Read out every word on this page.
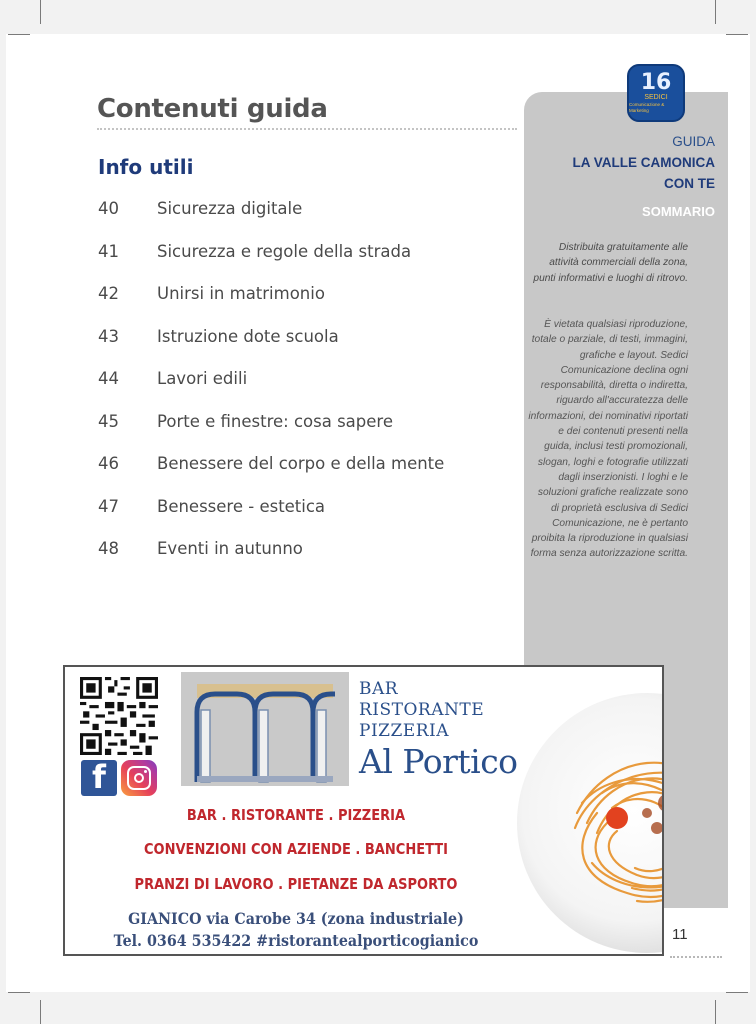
16
SEDICI
Comunicazione & Marketing
GUIDA
LA VALLE CAMONICA
CON TE
SOMMARIO
Distribuita gratuitamente alle attività commerciali della zona, punti informativi e luoghi di ritrovo.
È vietata qualsiasi riproduzione, totale o parziale, di testi, immagini, grafiche e layout. Sedici Comunicazione declina ogni responsabilità, diretta o indiretta, riguardo all'accuratezza delle informazioni, dei nominativi riportati e dei contenuti presenti nella guida, inclusi testi promozionali, slogan, loghi e fotografie utilizzati dagli inserzionisti. I loghi e le soluzioni grafiche realizzate sono di proprietà esclusiva di Sedici Comunicazione, ne è pertanto proibita la riproduzione in qualsiasi forma senza autorizzazione scritta.
Contenuti guida
Info utili
40	Sicurezza digitale
41	Sicurezza e regole della strada
42	Unirsi in matrimonio
43	Istruzione dote scuola
44	Lavori edili
45	Porte e finestre: cosa sapere
46	Benessere del corpo e della mente
47	Benessere - estetica
48	Eventi in autunno
11
f
BAR
RISTORANTE
PIZZERIA
Al Portico
BAR . RISTORANTE . PIZZERIA
CONVENZIONI CON AZIENDE . BANCHETTI
PRANZI DI LAVORO . PIETANZE DA ASPORTO
GIANICO via Carobe 34 (zona industriale)
Tel. 0364 535422 #ristorantealporticogianico
